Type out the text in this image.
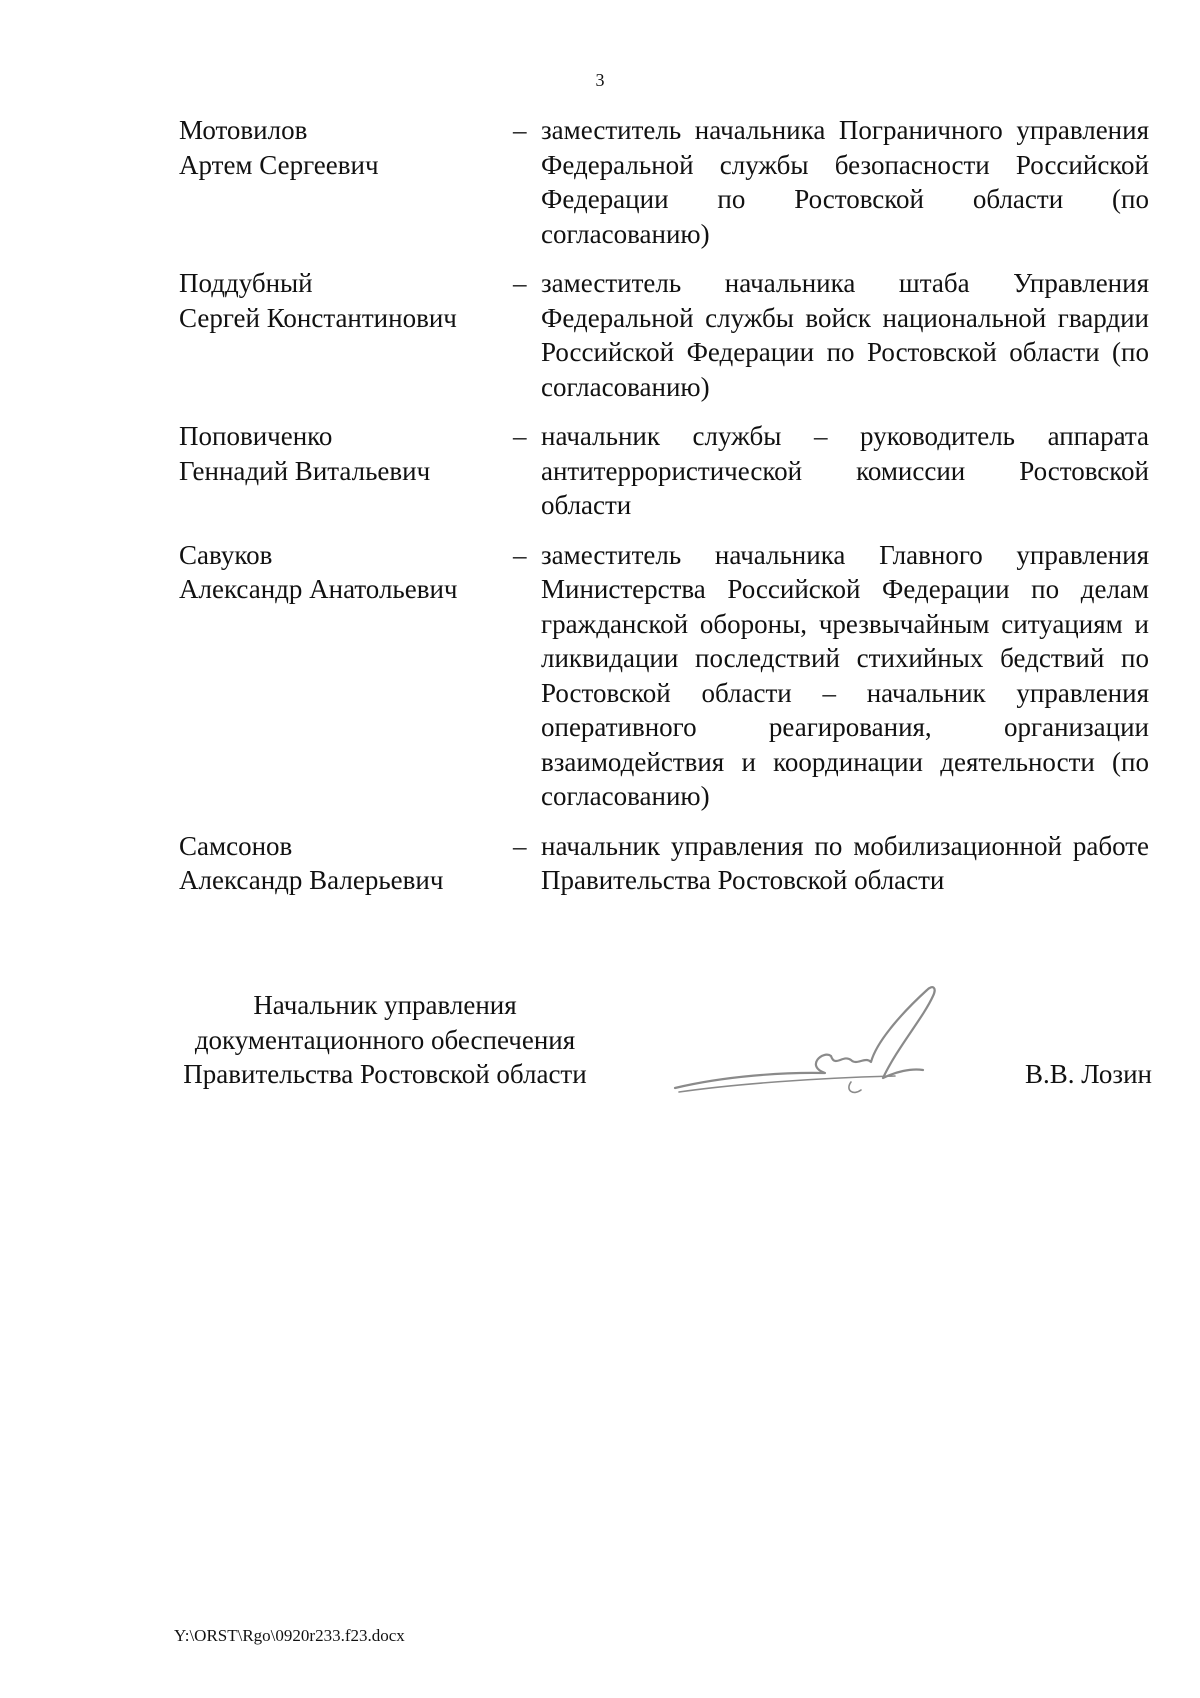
3
Мотовилов
Артем Сергеевич
– заместитель начальника Пограничного управления Федеральной службы безопасности Российской Федерации по Ростовской области (по согласованию)
Поддубный
Сергей Константинович
– заместитель начальника штаба Управления Федеральной службы войск национальной гвардии Российской Федерации по Ростовской области (по согласованию)
Поповиченко
Геннадий Витальевич
– начальник службы – руководитель аппарата антитеррористической комиссии Ростовской области
Савуков
Александр Анатольевич
– заместитель начальника Главного управления Министерства Российской Федерации по делам гражданской обороны, чрезвычайным ситуациям и ликвидации последствий стихийных бедствий по Ростовской области – начальник управления оперативного реагирования, организации взаимодействия и координации деятельности (по согласованию)
Самсонов
Александр Валерьевич
– начальник управления по мобилизационной работе Правительства Ростовской области
Начальник управления
документационного обеспечения
Правительства Ростовской области	В.В. Лозин
Y:\ORST\Rgo\0920r233.f23.docx
